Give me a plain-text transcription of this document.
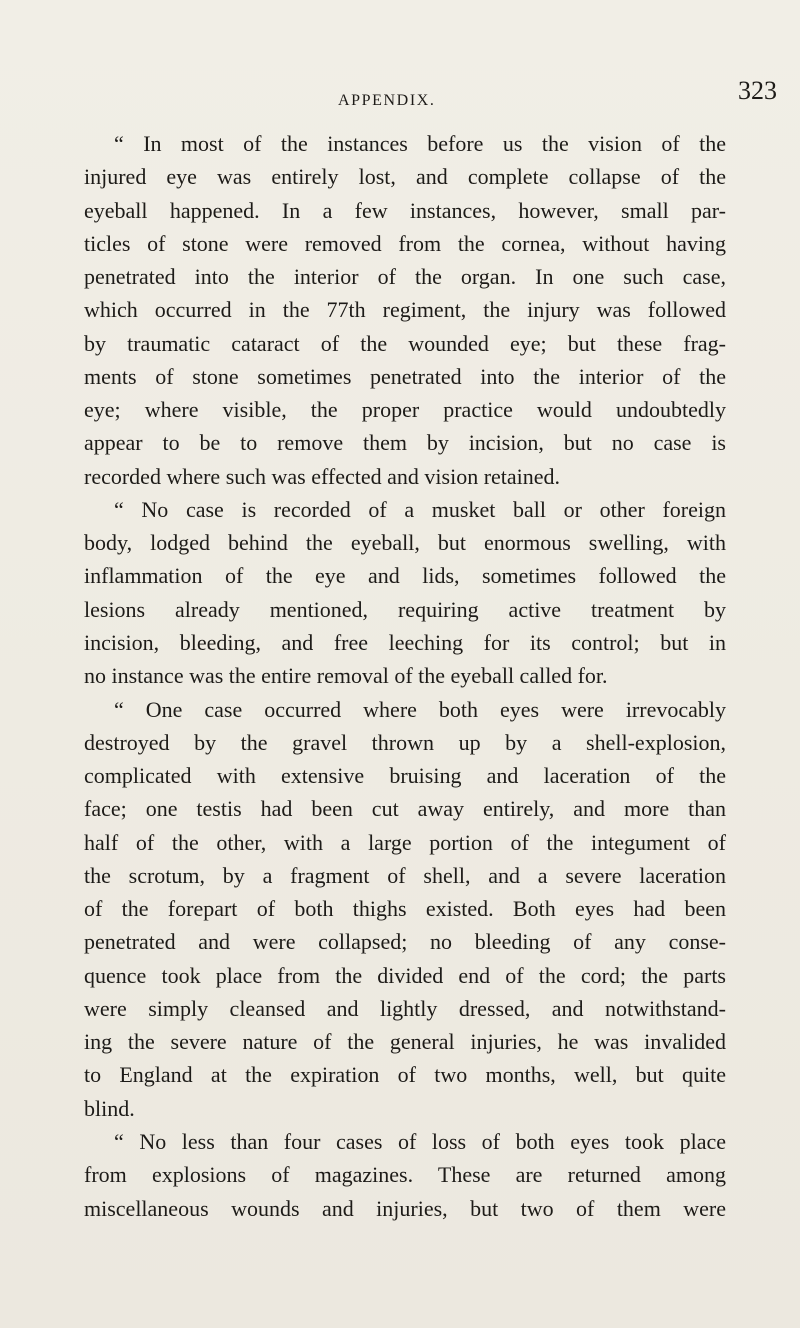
APPENDIX.	323
“ In most of the instances before us the vision of the
injured eye was entirely lost, and complete collapse of the
eyeball happened. In a few instances, however, small par-
ticles of stone were removed from the cornea, without having
penetrated into the interior of the organ. In one such case,
which occurred in the 77th regiment, the injury was followed
by traumatic cataract of the wounded eye; but these frag-
ments of stone sometimes penetrated into the interior of the
eye; where visible, the proper practice would undoubtedly
appear to be to remove them by incision, but no case is
recorded where such was effected and vision retained.
“ No case is recorded of a musket ball or other foreign
body, lodged behind the eyeball, but enormous swelling, with
inflammation of the eye and lids, sometimes followed the
lesions already mentioned, requiring active treatment by
incision, bleeding, and free leeching for its control; but in
no instance was the entire removal of the eyeball called for.
“ One case occurred where both eyes were irrevocably
destroyed by the gravel thrown up by a shell-explosion,
complicated with extensive bruising and laceration of the
face; one testis had been cut away entirely, and more than
half of the other, with a large portion of the integument of
the scrotum, by a fragment of shell, and a severe laceration
of the forepart of both thighs existed. Both eyes had been
penetrated and were collapsed; no bleeding of any conse-
quence took place from the divided end of the cord; the parts
were simply cleansed and lightly dressed, and notwithstand-
ing the severe nature of the general injuries, he was invalided
to England at the expiration of two months, well, but quite
blind.
“ No less than four cases of loss of both eyes took place
from explosions of magazines. These are returned among
miscellaneous wounds and injuries, but two of them were
